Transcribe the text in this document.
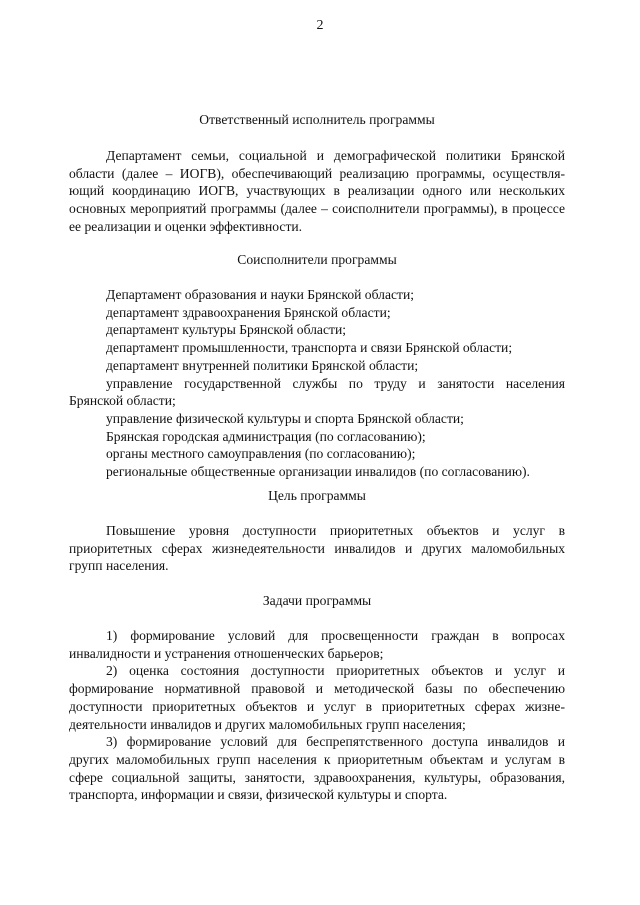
2
Ответственный исполнитель программы
Департамент семьи, социальной и демографической политики Брянской области (далее – ИОГВ), обеспечивающий реализацию программы, осуществляющий координацию ИОГВ, участвующих в реализации одного или нескольких основных мероприятий программы (далее – соисполнители программы), в процессе ее реализации и оценки эффективности.
Соисполнители программы
Департамент образования и науки Брянской области;
департамент здравоохранения Брянской области;
департамент культуры Брянской области;
департамент промышленности, транспорта и связи Брянской области;
департамент внутренней политики Брянской области;
управление государственной службы по труду и занятости населения Брянской области;
управление физической культуры и спорта Брянской области;
Брянская городская администрация (по согласованию);
органы местного самоуправления (по согласованию);
региональные общественные организации инвалидов (по согласованию).
Цель программы
Повышение уровня доступности приоритетных объектов и услуг в приоритетных сферах жизнедеятельности инвалидов и других маломобильных групп населения.
Задачи программы
1) формирование условий для просвещенности граждан в вопросах инвалидности и устранения отношенческих барьеров;
2) оценка состояния доступности приоритетных объектов и услуг и формирование нормативной правовой и методической базы по обеспечению доступности приоритетных объектов и услуг в приоритетных сферах жизнедеятельности инвалидов и других маломобильных групп населения;
3) формирование условий для беспрепятственного доступа инвалидов и других маломобильных групп населения к приоритетным объектам и услугам в сфере социальной защиты, занятости, здравоохранения, культуры, образования, транспорта, информации и связи, физической культуры и спорта.
